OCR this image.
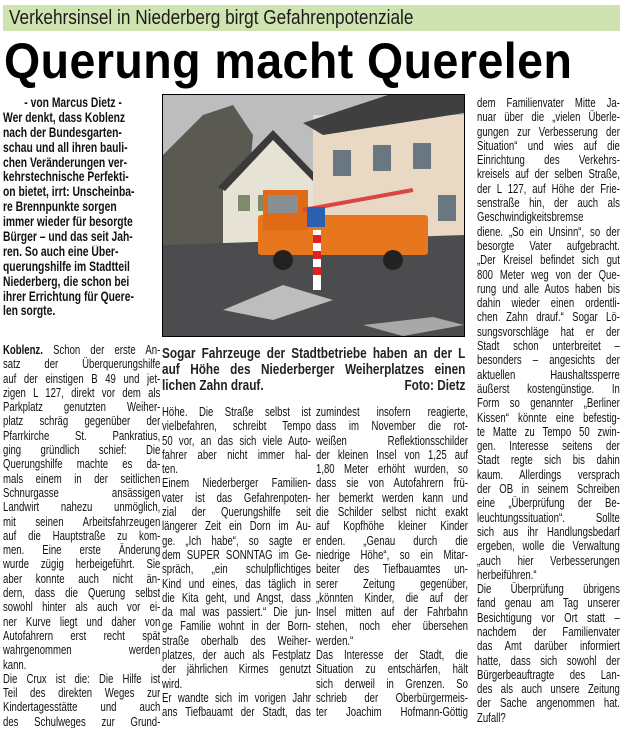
Verkehrsinsel in Niederberg birgt Gefahrenpotenziale
Querung macht Querelen
Sogar Fahrzeuge der Stadtbetriebe haben an der L
auf Höhe des Niederberger Weiherplatzes einen
lichen Zahn drauf.	Foto: Dietz
- von Marcus Dietz -
Wer denkt, dass Koblenz
nach der Bundesgarten-
schau und all ihren bauli-
chen Veränderungen ver-
kehrstechnische Perfekti-
on bietet, irrt: Unscheinba-
re Brennpunkte sorgen
immer wieder für besorgte
Bürger – und das seit Jah-
ren. So auch eine Über-
querungshilfe im Stadtteil
Niederberg, die schon bei
ihrer Errichtung für Quere-
len sorgte.
Koblenz. Schon der erste An-
satz der Überquerungshilfe
auf der einstigen B 49 und jet-
zigen L 127, direkt vor dem als
Parkplatz genutzten Weiher-
platz schräg gegenüber der
Pfarrkirche St. Pankratius,
ging gründlich schief: Die
Querungshilfe machte es da-
mals einem in der seitlichen
Schnurgasse ansässigen
Landwirt nahezu unmöglich,
mit seinen Arbeitsfahrzeugen
auf die Hauptstraße zu kom-
men. Eine erste Änderung
wurde zügig herbeigeführt. Sie
aber konnte auch nicht än-
dern, dass die Querung selbst
sowohl hinter als auch vor ei-
ner Kurve liegt und daher von
Autofahrern erst recht spät
wahrgenommen werden
kann.
Die Crux ist die: Die Hilfe ist
Teil des direkten Weges zur
Kindertagesstätte und auch
des Schulweges zur Grund-
Höhe. Die Straße selbst ist
vielbefahren, schreibt Tempo
50 vor, an das sich viele Auto-
fahrer aber nicht immer hal-
ten.
Einem Niederberger Familien-
vater ist das Gefahrenpoten-
zial der Querungshilfe seit
längerer Zeit ein Dorn im Au-
ge. „Ich habe“, so sagte er
dem SUPER SONNTAG im Ge-
spräch, „ein schulpflichtiges
Kind und eines, das täglich in
die Kita geht, und Angst, dass
da mal was passiert.“ Die jun-
ge Familie wohnt in der Born-
straße oberhalb des Weiher-
platzes, der auch als Festplatz
der jährlichen Kirmes genutzt
wird.
Er wandte sich im vorigen Jahr
ans Tiefbauamt der Stadt, das
zumindest insofern reagierte,
dass im November die rot-
weißen Reflektionsschilder
der kleinen Insel von 1,25 auf
1,80 Meter erhöht wurden, so
dass sie von Autofahrern frü-
her bemerkt werden kann und
die Schilder selbst nicht exakt
auf Kopfhöhe kleiner Kinder
enden. „Genau durch die
niedrige Höhe“, so ein Mitar-
beiter des Tiefbauamtes un-
serer Zeitung gegenüber,
„könnten Kinder, die auf der
Insel mitten auf der Fahrbahn
stehen, noch eher übersehen
werden.“
Das Interesse der Stadt, die
Situation zu entschärfen, hält
sich derweil in Grenzen. So
schrieb der Oberbürgermeis-
ter Joachim Hofmann-Göttig
dem Familienvater Mitte Ja-
nuar über die „vielen Überle-
gungen zur Verbesserung der
Situation“ und wies auf die
Einrichtung des Verkehrs-
kreisels auf der selben Straße,
der L 127, auf Höhe der Frie-
senstraße hin, der auch als
Geschwindigkeitsbremse
diene. „So ein Unsinn“, so der
besorgte Vater aufgebracht.
„Der Kreisel befindet sich gut
800 Meter weg von der Que-
rung und alle Autos haben bis
dahin wieder einen ordentli-
chen Zahn drauf.“ Sogar Lö-
sungsvorschläge hat er der
Stadt schon unterbreitet –
besonders – angesichts der
aktuellen Haushaltssperre
äußerst kostengünstige. In
Form so genannter „Berliner
Kissen“ könnte eine befestig-
te Matte zu Tempo 50 zwin-
gen. Interesse seitens der
Stadt regte sich bis dahin
kaum. Allerdings versprach
der OB in seinem Schreiben
eine „Überprüfung der Be-
leuchtungssituation“. Sollte
sich aus ihr Handlungsbedarf
ergeben, wolle die Verwaltung
„auch hier Verbesserungen
herbeiführen.“
Die Überprüfung übrigens
fand genau am Tag unserer
Besichtigung vor Ort statt –
nachdem der Familienvater
das Amt darüber informiert
hatte, dass sich sowohl der
Bürgerbeauftragte des Lan-
des als auch unsere Zeitung
der Sache angenommen hat.
Zufall?
